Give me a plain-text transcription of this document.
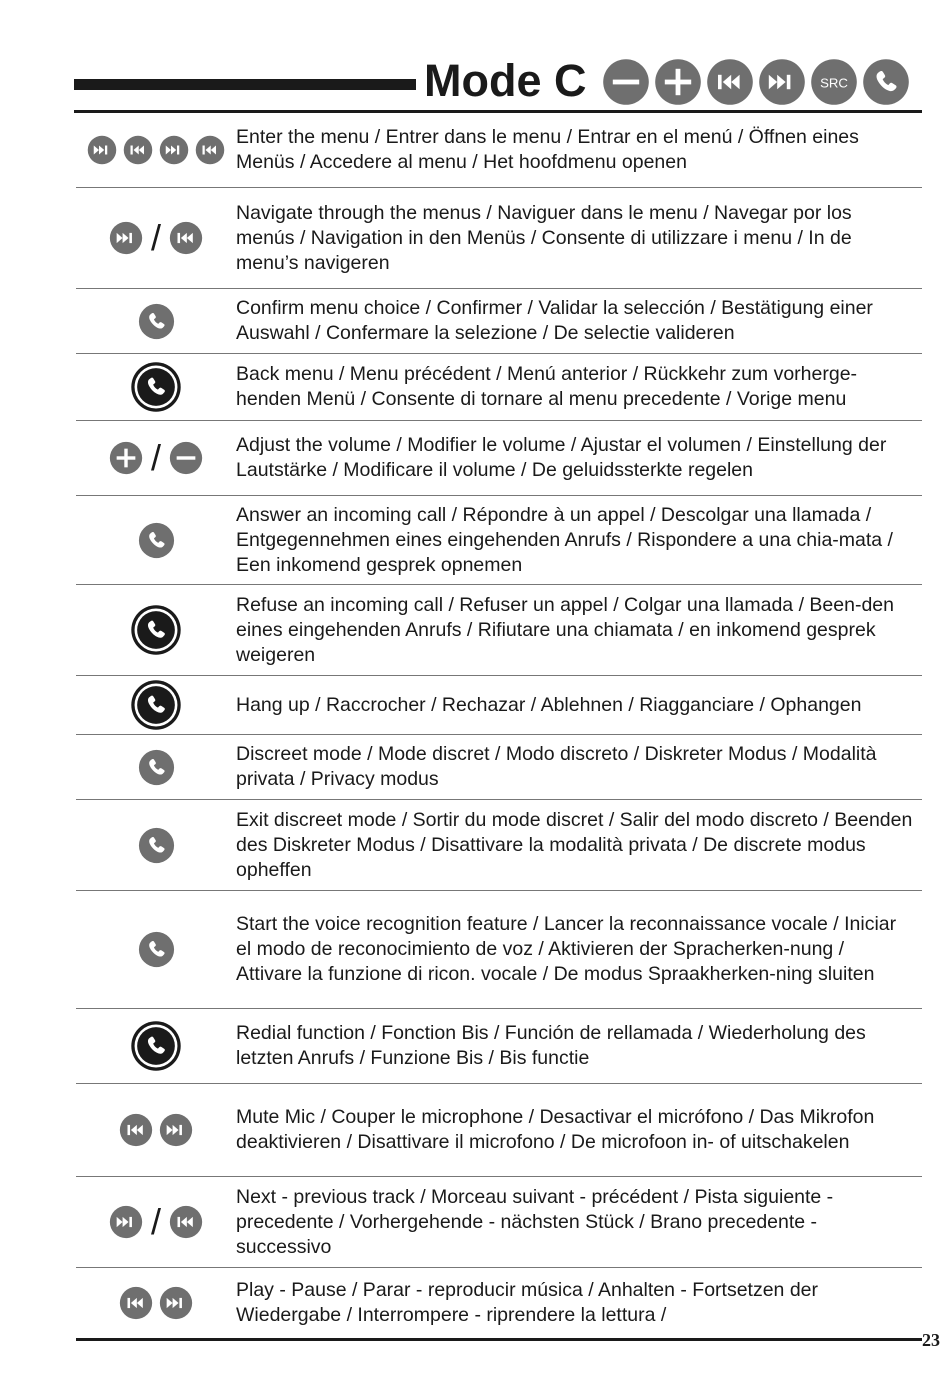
Mode C	SRC
Enter the menu / Entrer dans le menu / Entrar en el menú / Öffnen eines Menüs / Accedere al menu / Het hoofdmenu openen
/
Navigate through the menus / Naviguer dans le menu / Navegar por los menús / Navigation in den Menüs / Consente di utilizzare i menu / In de menu’s navigeren
Confirm menu choice / Confirmer / Validar la selección / Bestätigung einer Auswahl / Confermare la selezione / De selectie valideren
Back menu / Menu précédent / Menú anterior / Rückkehr zum vorherge-henden Menü / Consente di tornare al menu precedente / Vorige menu
/	Adjust the volume / Modifier le volume / Ajustar el volumen / Einstellung der Lautstärke / Modificare il volume / De geluidssterkte regelen
Answer an incoming call / Répondre à un appel / Descolgar una llamada / Entgegennehmen eines eingehenden Anrufs / Rispondere a una chia-mata / Een inkomend gesprek opnemen
Refuse an incoming call / Refuser un appel / Colgar una llamada / Been-den eines eingehenden Anrufs / Rifiutare una chiamata / en inkomend gesprek weigeren
Hang up / Raccrocher / Rechazar / Ablehnen / Riagganciare / Ophangen
Discreet mode / Mode discret / Modo discreto / Diskreter Modus / Modalità privata / Privacy modus
Exit discreet mode / Sortir du mode discret / Salir del modo discreto / Beenden des Diskreter Modus / Disattivare la modalità privata / De discrete modus opheffen
Start the voice recognition feature / Lancer la reconnaissance vocale / Iniciar el modo de reconocimiento de voz / Aktivieren der Spracherken-nung / Attivare la funzione di ricon. vocale / De modus Spraakherken-ning sluiten
Redial function / Fonction Bis / Función de rellamada / Wiederholung des letzten Anrufs / Funzione Bis / Bis functie
Mute Mic / Couper le microphone / Desactivar el micrófono / Das Mikrofon deaktivieren / Disattivare il microfono / De microfoon in- of uitschakelen
/
Next - previous track / Morceau suivant - précédent / Pista siguiente - precedente / Vorhergehende - nächsten Stück / Brano precedente - successivo
Play - Pause / Parar - reproducir música / Anhalten - Fortsetzen der Wiedergabe / Interrompere - riprendere la lettura /
23
